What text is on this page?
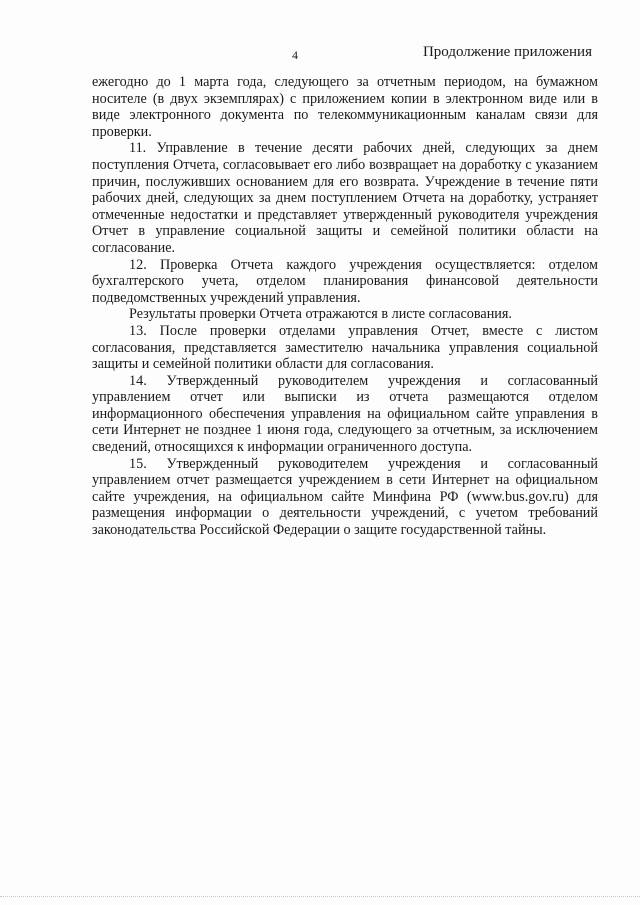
4	Продолжение приложения

ежегодно до 1 марта года, следующего за отчетным периодом, на бумажном носителе (в двух экземплярах) с приложением копии в электронном виде или в виде электронного документа по телекоммуникационным каналам связи для проверки.

11. Управление в течение десяти рабочих дней, следующих за днем поступления Отчета, согласовывает его либо возвращает на доработку с указанием причин, послуживших основанием для его возврата. Учреждение в течение пяти рабочих дней, следующих за днем поступлением Отчета на доработку, устраняет отмеченные недостатки и представляет утвержденный руководителя учреждения Отчет в управление социальной защиты и семейной политики области на согласование.

12. Проверка Отчета каждого учреждения осуществляется: отделом бухгалтерского учета, отделом планирования финансовой деятельности подведомственных учреждений управления.

Результаты проверки Отчета отражаются в листе согласования.

13. После проверки отделами управления Отчет, вместе с листом согласования, представляется заместителю начальника управления социальной защиты и семейной политики области для согласования.

14. Утвержденный руководителем учреждения и согласованный управлением отчет или выписки из отчета размещаются отделом информационного обеспечения управления на официальном сайте управления в сети Интернет не позднее 1 июня года, следующего за отчетным, за исключением сведений, относящихся к информации ограниченного доступа.

15. Утвержденный руководителем учреждения и согласованный управлением отчет размещается учреждением в сети Интернет на официальном сайте учреждения, на официальном сайте Минфина РФ (www.bus.gov.ru) для размещения информации о деятельности учреждений, с учетом требований законодательства Российской Федерации о защите государственной тайны.
